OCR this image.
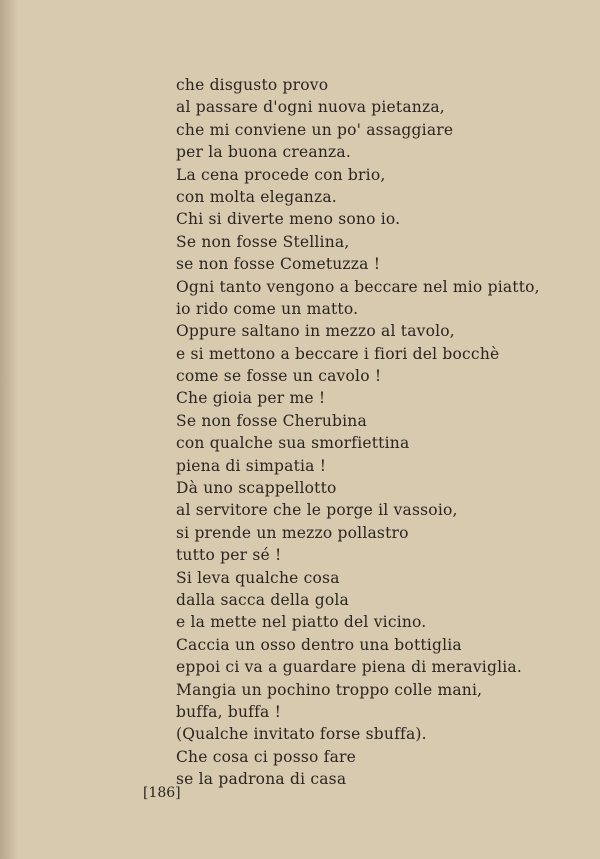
che disgusto provo
al passare d'ogni nuova pietanza,
che mi conviene un po' assaggiare
per la buona creanza.
La cena procede con brio,
con molta eleganza.
Chi si diverte meno sono io.
Se non fosse Stellina,
se non fosse Cometuzza !
Ogni tanto vengono a beccare nel mio piatto,
io rido come un matto.
Oppure saltano in mezzo al tavolo,
e si mettono a beccare i fiori del bocchè
come se fosse un cavolo !
Che gioia per me !
Se non fosse Cherubina
con qualche sua smorfiettina
piena di simpatia !
Dà uno scappellotto
al servitore che le porge il vassoio,
si prende un mezzo pollastro
tutto per sé !
Si leva qualche cosa
dalla sacca della gola
e la mette nel piatto del vicino.
Caccia un osso dentro una bottiglia
eppoi ci va a guardare piena di meraviglia.
Mangia un pochino troppo colle mani,
buffa, buffa !
(Qualche invitato forse sbuffa).
Che cosa ci posso fare
se la padrona di casa
[186]
